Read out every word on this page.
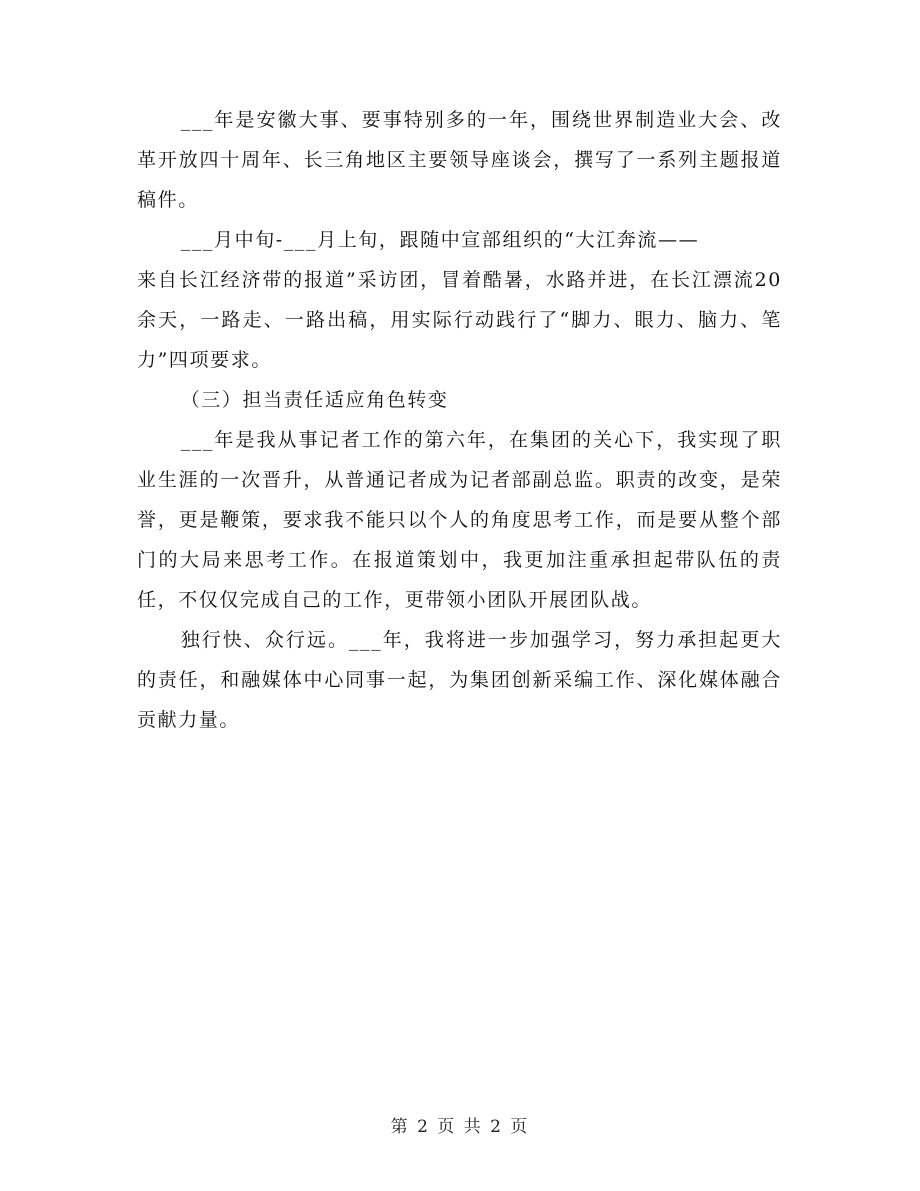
___年是安徽大事、要事特别多的一年，围绕世界制造业大会、改革开放四十周年、长三角地区主要领导座谈会，撰写了一系列主题报道稿件。

___月中旬-___月上旬，跟随中宣部组织的“大江奔流——
来自长江经济带的报道”采访团，冒着酷暑，水路并进，在长江漂流20余天，一路走、一路出稿，用实际行动践行了“脚力、眼力、脑力、笔力”四项要求。

（三）担当责任适应角色转变

___年是我从事记者工作的第六年，在集团的关心下，我实现了职业生涯的一次晋升，从普通记者成为记者部副总监。职责的改变，是荣誉，更是鞭策，要求我不能只以个人的角度思考工作，而是要从整个部门的大局来思考工作。在报道策划中，我更加注重承担起带队伍的责任，不仅仅完成自己的工作，更带领小团队开展团队战。

独行快、众行远。___年，我将进一步加强学习，努力承担起更大的责任，和融媒体中心同事一起，为集团创新采编工作、深化媒体融合贡献力量。

第 2 页 共 2 页
